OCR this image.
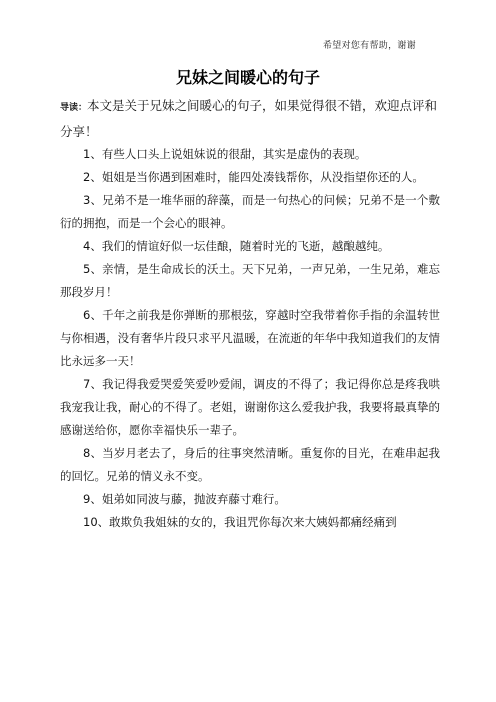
希望对您有帮助，谢谢
兄妹之间暖心的句子

导读：本文是关于兄妹之间暖心的句子，如果觉得很不错，欢迎点评和分享！

1、有些人口头上说姐妹说的很甜，其实是虚伪的表现。

2、姐姐是当你遇到困难时，能四处凑钱帮你，从没指望你还的人。

3、兄弟不是一堆华丽的辞藻，而是一句热心的问候；兄弟不是一个敷衍的拥抱，而是一个会心的眼神。

4、我们的情谊好似一坛佳酿，随着时光的飞逝，越酿越纯。

5、亲情，是生命成长的沃土。天下兄弟，一声兄弟，一生兄弟，难忘那段岁月！

6、千年之前我是你弹断的那根弦，穿越时空我带着你手指的余温转世与你相遇，没有奢华片段只求平凡温暖，在流逝的年华中我知道我们的友情比永远多一天！

7、我记得我爱哭爱笑爱吵爱闹，调皮的不得了；我记得你总是疼我哄我宠我让我，耐心的不得了。老姐，谢谢你这么爱我护我，我要将最真挚的感谢送给你，愿你幸福快乐一辈子。

8、当岁月老去了，身后的往事突然清晰。重复你的目光，在难串起我的回忆。兄弟的情义永不变。

9、姐弟如同波与藤，抛波弃藤寸难行。

10、敢欺负我姐妹的女的，我诅咒你每次来大姨妈都痛经痛到
